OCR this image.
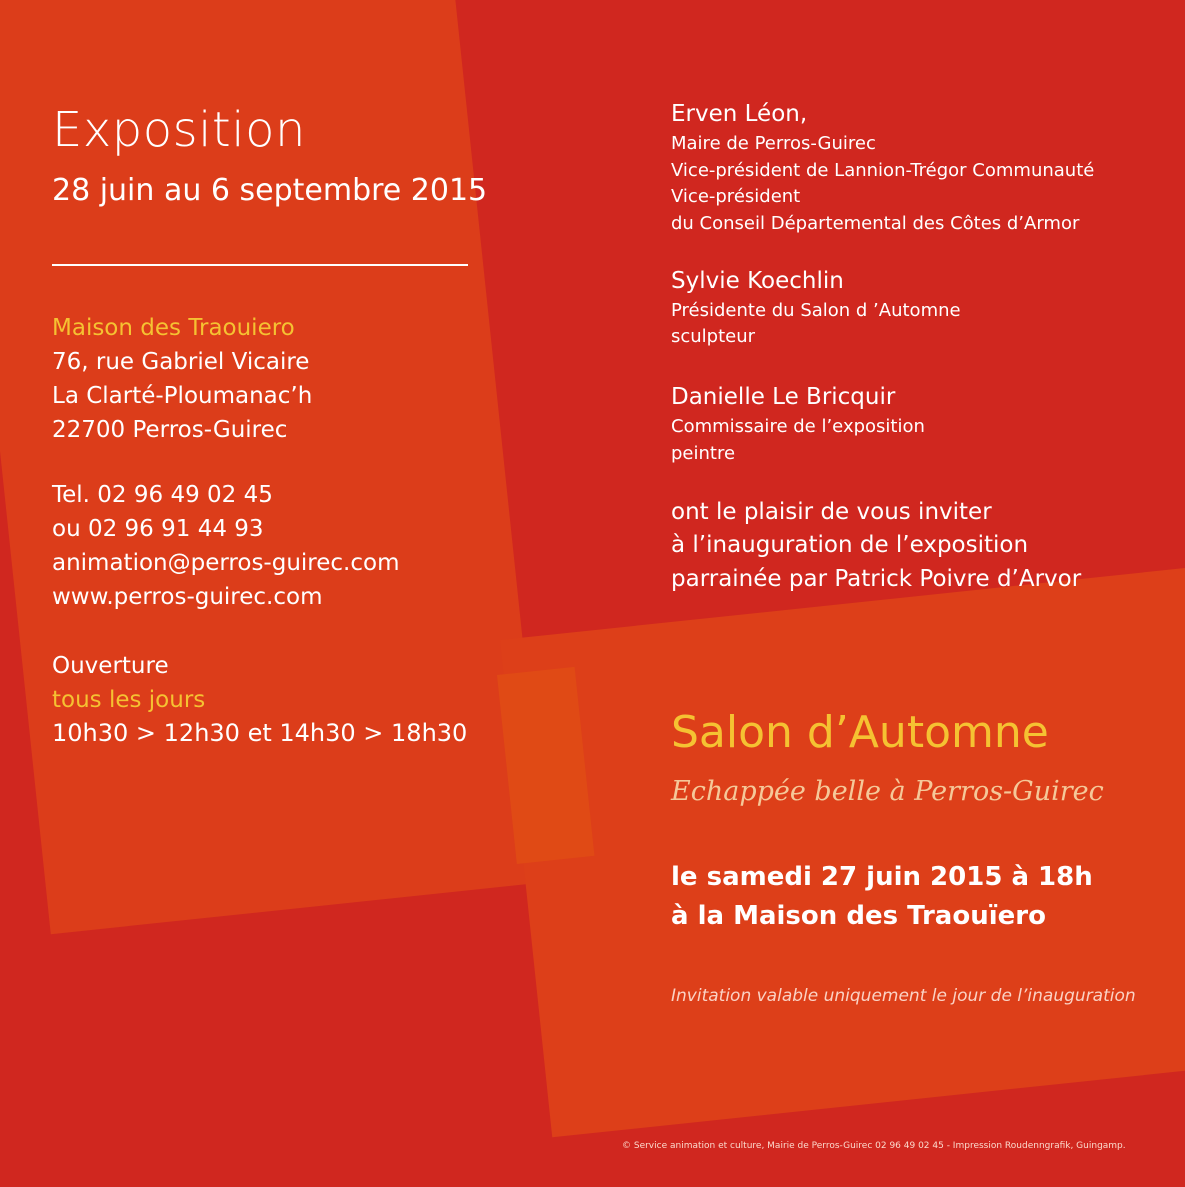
Exposition
28 juin au 6 septembre 2015
Maison des Traouiero
76, rue Gabriel Vicaire
La Clarté-Ploumanac’h
22700 Perros-Guirec
Tel. 02 96 49 02 45
ou 02 96 91 44 93
animation@perros-guirec.com
www.perros-guirec.com
Ouverture
tous les jours
10h30 > 12h30 et 14h30 > 18h30
Erven Léon,
Maire de Perros-Guirec
Vice-président de Lannion-Trégor Communauté
Vice-président
du Conseil Départemental des Côtes d’Armor
Sylvie Koechlin
Présidente du Salon d ’Automne
sculpteur
Danielle Le Bricquir
Commissaire de l’exposition
peintre
ont le plaisir de vous inviter
à l’inauguration de l’exposition
parrainée par Patrick Poivre d’Arvor
Salon d’Automne
Echappée belle à Perros-Guirec
le samedi 27 juin 2015 à 18h
à la Maison des Traouïero
Invitation valable uniquement le jour de l’inauguration
© Service animation et culture, Mairie de Perros-Guirec 02 96 49 02 45 - Impression Roudenngrafik, Guingamp.
